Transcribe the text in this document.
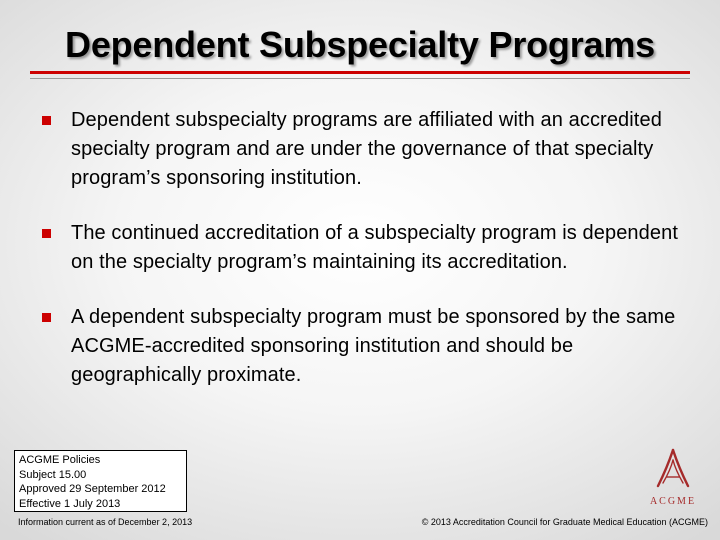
Dependent Subspecialty Programs
Dependent subspecialty programs are affiliated with an accredited specialty program and are under the governance of that specialty program’s sponsoring institution.
The continued accreditation of a subspecialty program is dependent on the specialty program’s maintaining its accreditation.
A dependent subspecialty program must be sponsored by the same ACGME-accredited sponsoring institution and should be geographically proximate.
ACGME Policies
Subject 15.00
Approved 29 September 2012
Effective 1 July 2013
Information current as of December 2, 2013	© 2013 Accreditation Council for Graduate Medical Education (ACGME)
ACGME
